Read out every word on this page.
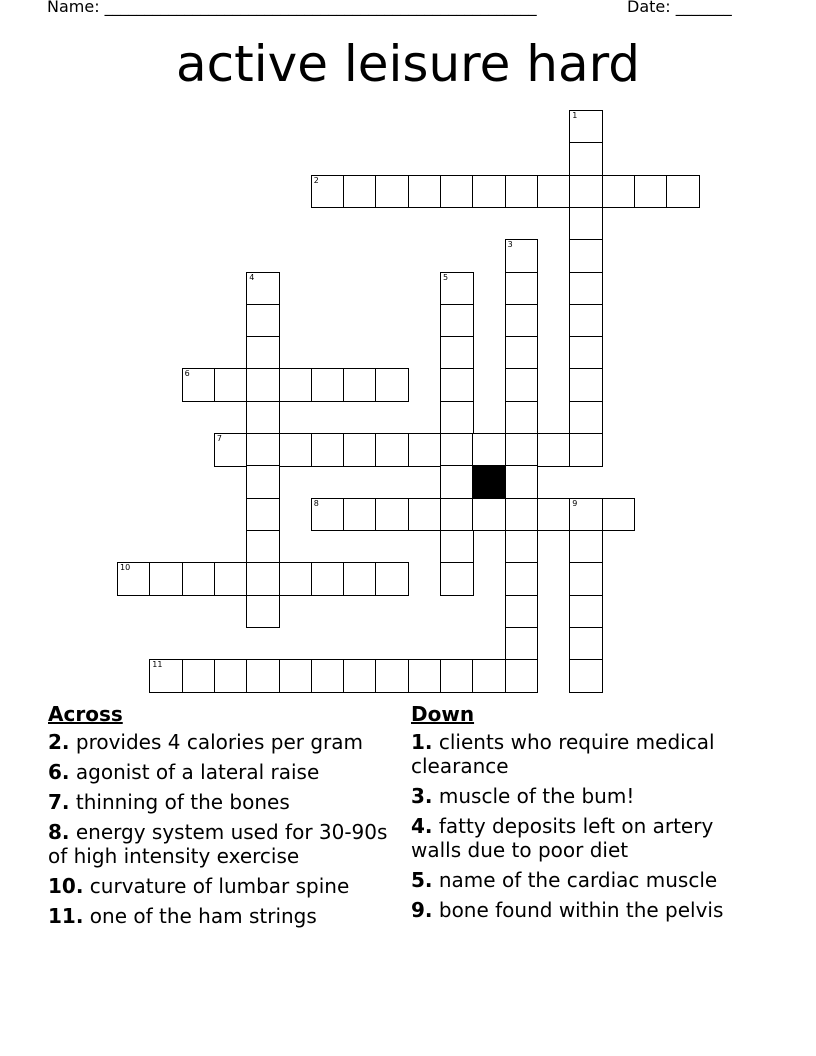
Name: ______________________________________________________	Date: _______
active leisure hard
1
2
3
4	5
6
7
8	9
10
11
Across
2. provides 4 calories per gram
6. agonist of a lateral raise
7. thinning of the bones
8. energy system used for 30-90s of high intensity exercise
10. curvature of lumbar spine
11. one of the ham strings
Down
1. clients who require medical clearance
3. muscle of the bum!
4. fatty deposits left on artery walls due to poor diet
5. name of the cardiac muscle
9. bone found within the pelvis
